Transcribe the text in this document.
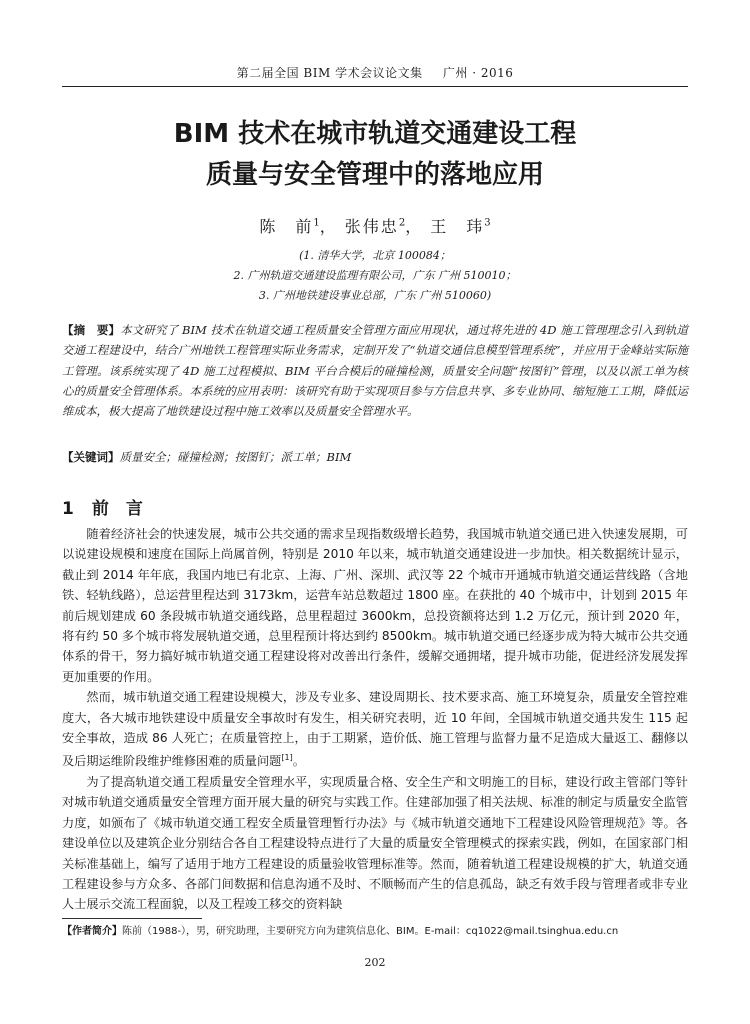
第二届全国 BIM 学术会议论文集 广州 · 2016
BIM 技术在城市轨道交通建设工程
质量与安全管理中的落地应用
陈　前$^1$， 张伟忠$^2$， 王　玮$^3$
(1. 清华大学，北京 100084；
2. 广州轨道交通建设监理有限公司，广东 广州 510010；
3. 广州地铁建设事业总部，广东 广州 510060)
【摘　要】本文研究了 BIM 技术在轨道交通工程质量安全管理方面应用现状，通过将先进的 4D 施工管理理念引入到轨道交通工程建设中，结合广州地铁工程管理实际业务需求，定制开发了“轨道交通信息模型管理系统”，并应用于金峰站实际施工管理。该系统实现了 4D 施工过程模拟、BIM 平台合模后的碰撞检测，质量安全问题“按图钉”管理，以及以派工单为核心的质量安全管理体系。本系统的应用表明：该研究有助于实现项目参与方信息共享、多专业协同、缩短施工工期，降低运维成本，极大提高了地铁建设过程中施工效率以及质量安全管理水平。
【关键词】质量安全；碰撞检测；按图钉；派工单；BIM
1 前　言

随着经济社会的快速发展，城市公共交通的需求呈现指数级增长趋势，我国城市轨道交通已进入快速发展期，可以说建设规模和速度在国际上尚属首例，特别是 2010 年以来，城市轨道交通建设进一步加快。相关数据统计显示，截止到 2014 年年底，我国内地已有北京、上海、广州、深圳、武汉等 22 个城市开通城市轨道交通运营线路（含地铁、轻轨线路），总运营里程达到 3173km，运营车站总数超过 1800 座。在获批的 40 个城市中，计划到 2015 年前后规划建成 60 条段城市轨道交通线路，总里程超过 3600km，总投资额将达到 1.2 万亿元，预计到 2020 年，将有约 50 多个城市将发展轨道交通，总里程预计将达到约 8500km。城市轨道交通已经逐步成为特大城市公共交通体系的骨干，努力搞好城市轨道交通工程建设将对改善出行条件，缓解交通拥堵，提升城市功能，促进经济发展发挥更加重要的作用。

然而，城市轨道交通工程建设规模大，涉及专业多、建设周期长、技术要求高、施工环境复杂，质量安全管控难度大，各大城市地铁建设中质量安全事故时有发生，相关研究表明，近 10 年间，全国城市轨道交通共发生 115 起安全事故，造成 86 人死亡；在质量管控上，由于工期紧，造价低、施工管理与监督力量不足造成大量返工、翻修以及后期运维阶段维护维修困难的质量问题[1]。

为了提高轨道交通工程质量安全管理水平，实现质量合格、安全生产和文明施工的目标，建设行政主管部门等针对城市轨道交通质量安全管理方面开展大量的研究与实践工作。住建部加强了相关法规、标准的制定与质量安全监管力度，如颁布了《城市轨道交通工程安全质量管理暂行办法》与《城市轨道交通地下工程建设风险管理规范》等。各建设单位以及建筑企业分别结合各自工程建设特点进行了大量的质量安全管理模式的探索实践，例如，在国家部门相关标准基础上，编写了适用于地方工程建设的质量验收管理标准等。然而，随着轨道工程建设规模的扩大，轨道交通工程建设参与方众多、各部门间数据和信息沟通不及时、不顺畅而产生的信息孤岛，缺乏有效手段与管理者或非专业人士展示交流工程面貌，以及工程竣工移交的资料缺

【作者简介】陈前（1988-），男，研究助理，主要研究方向为建筑信息化、BIM。E-mail：cq1022@mail.tsinghua.edu.cn
202
